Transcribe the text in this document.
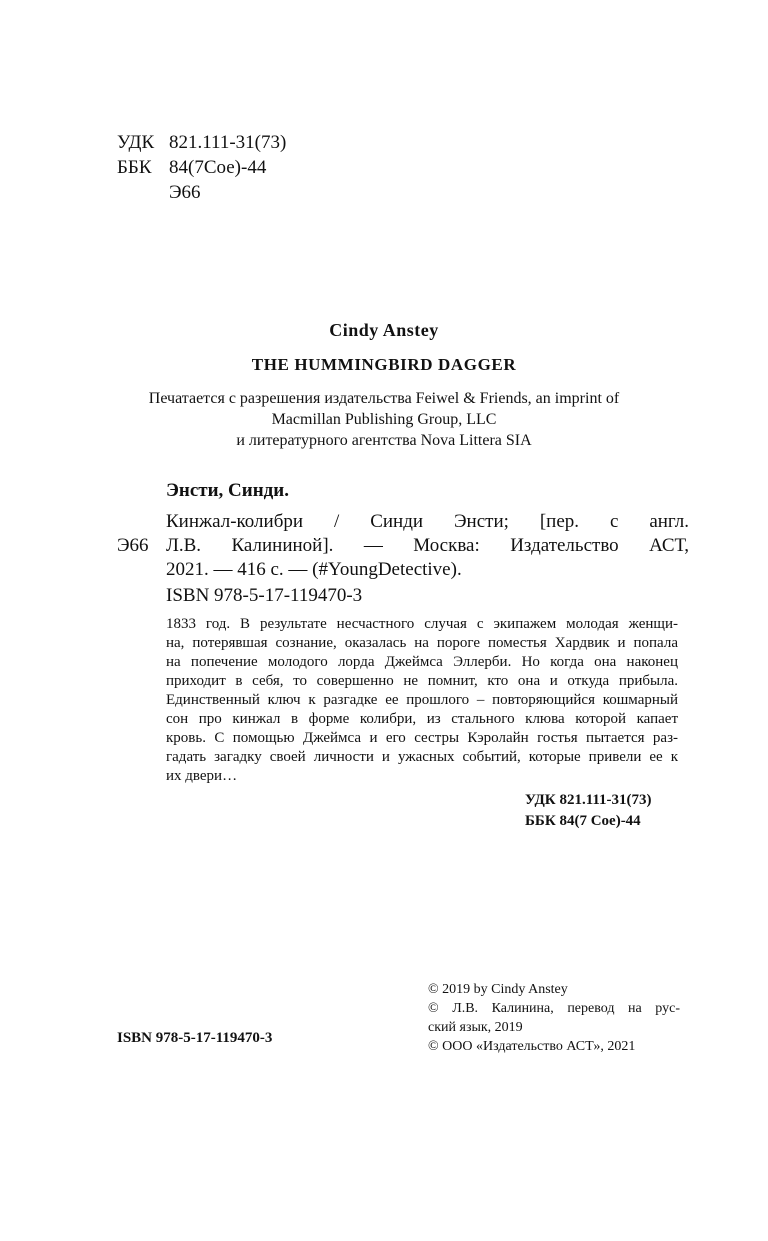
УДК 821.111-31(73)
ББК 84(7Сое)-44
Э66
Cindy Anstey
THE HUMMINGBIRD DAGGER
Печатается с разрешения издательства Feiwel & Friends, an imprint of
Macmillan Publishing Group, LLC
и литературного агентства Nova Littera SIA
Энсти, Синди.
Э66
Кинжал-колибри / Синди Энсти; [пер. с англ.
Л.В. Калининой]. — Москва: Издательство АСТ,
2021. — 416 с. — (#YoungDetective).
ISBN 978-5-17-119470-3
1833 год. В результате несчастного случая с экипажем молодая женщи-
на, потерявшая сознание, оказалась на пороге поместья Хардвик и попала
на попечение молодого лорда Джеймса Эллерби. Но когда она наконец
приходит в себя, то совершенно не помнит, кто она и откуда прибыла.
Единственный ключ к разгадке ее прошлого – повторяющийся кошмарный
сон про кинжал в форме колибри, из стального клюва которой капает
кровь. С помощью Джеймса и его сестры Кэролайн гостья пытается раз-
гадать загадку своей личности и ужасных событий, которые привели ее к
их двери…
УДК 821.111-31(73)
ББК 84(7 Сое)-44
© 2019 by Cindy Anstey
© Л.В. Калинина, перевод на рус-
ский язык, 2019
© ООО «Издательство АСТ», 2021
ISBN 978-5-17-119470-3
